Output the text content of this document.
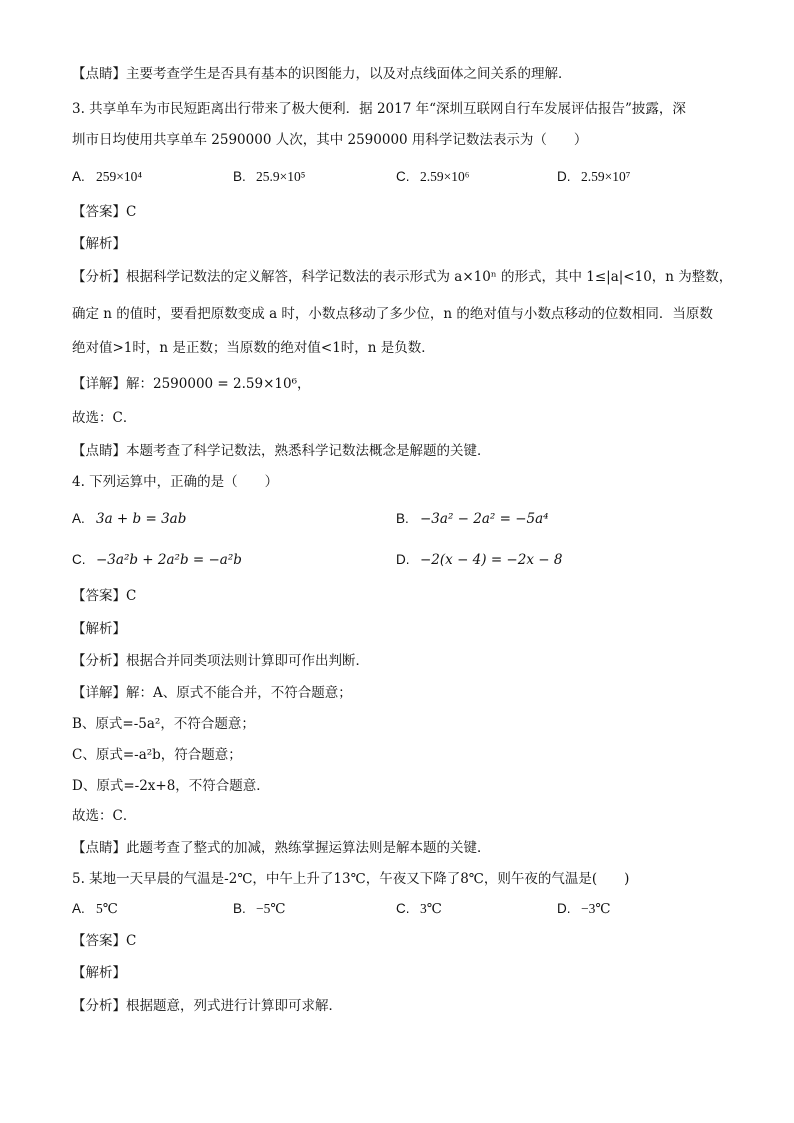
【点睛】主要考查学生是否具有基本的识图能力，以及对点线面体之间关系的理解．
3. 共享单车为市民短距离出行带来了极大便利．据 2017 年“深圳互联网自行车发展评估报告”披露，深
圳市日均使用共享单车 2590000 人次，其中 2590000 用科学记数法表示为（　　）
A. 259×10⁴	B. 25.9×10⁵	C. 2.59×10⁶	D. 2.59×10⁷
【答案】C
【解析】
【分析】根据科学记数法的定义解答，科学记数法的表示形式为 a×10ⁿ 的形式，其中 1≤|a|<10，n 为整数，
确定 n 的值时，要看把原数变成 a 时，小数点移动了多少位，n 的绝对值与小数点移动的位数相同．当原数
绝对值>1时，n 是正数；当原数的绝对值<1时，n 是负数．
【详解】解：2590000 = 2.59×10⁶，
故选：C．
【点睛】本题考查了科学记数法，熟悉科学记数法概念是解题的关键．
4. 下列运算中，正确的是（　　）
A. 3a + b = 3ab	B. −3a² − 2a² = −5a⁴
C. −3a²b + 2a²b = −a²b	D. −2(x − 4) = −2x − 8
【答案】C
【解析】
【分析】根据合并同类项法则计算即可作出判断．
【详解】解：A、原式不能合并，不符合题意；
B、原式=-5a²，不符合题意；
C、原式=-a²b，符合题意；
D、原式=-2x+8，不符合题意．
故选：C．
【点睛】此题考查了整式的加减，熟练掌握运算法则是解本题的关键．
5. 某地一天早晨的气温是-2℃，中午上升了13℃，午夜又下降了8℃，则午夜的气温是(　　)
A. 5℃	B. −5℃	C. 3℃	D. −3℃
【答案】C
【解析】
【分析】根据题意，列式进行计算即可求解．
